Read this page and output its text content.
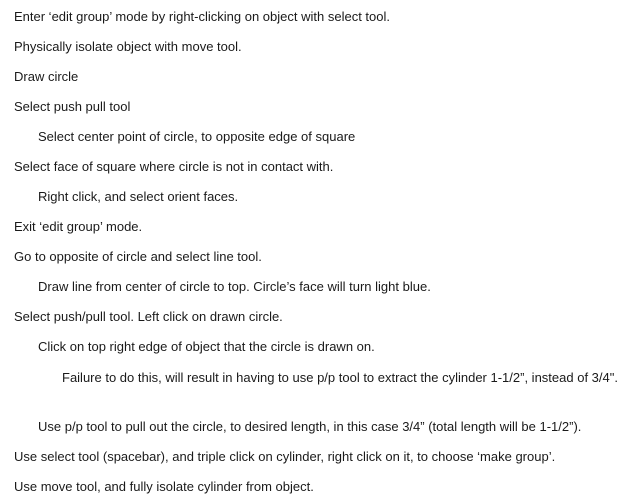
Enter ‘edit group’ mode by right-clicking on object with select tool.
Physically isolate object with move tool.
Draw circle
Select push pull tool
Select center point of circle, to opposite edge of square
Select face of square where circle is not in contact with.
Right click, and select orient faces.
Exit ‘edit group’ mode.
Go to opposite of circle and select line tool.
Draw line from center of circle to top. Circle’s face will turn light blue.
Select push/pull tool. Left click on drawn circle.
Click on top right edge of object that the circle is drawn on.
Failure to do this, will result in having to use p/p tool to extract the cylinder 1-1/2”, instead of 3/4".
Use p/p tool to pull out the circle, to desired length, in this case 3/4” (total length will be 1-1/2”).
Use select tool (spacebar), and triple click on cylinder, right click on it, to choose ‘make group’.
Use move tool, and fully isolate cylinder from object.
